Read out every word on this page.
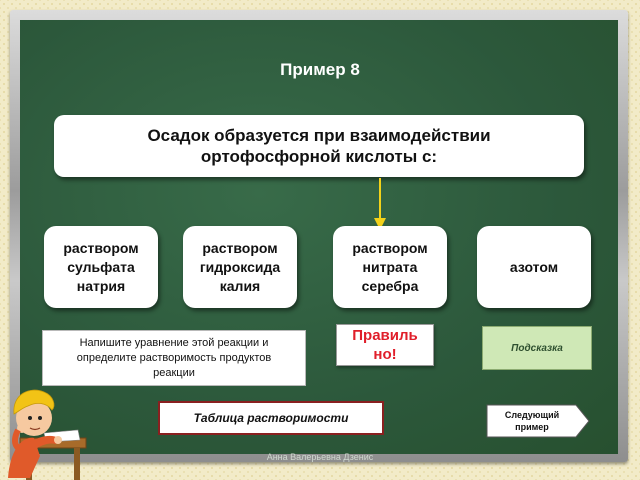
Пример 8
Осадок образуется при взаимодействии ортофосфорной кислоты с:
раствором сульфата натрия
раствором гидроксида калия
раствором нитрата серебра
азотом
Напишите уравнение этой реакции и определите растворимость продуктов реакции
Правиль но!	Подсказка
Таблица растворимости	Следующий пример
Анна Валерьевна Дзенис
